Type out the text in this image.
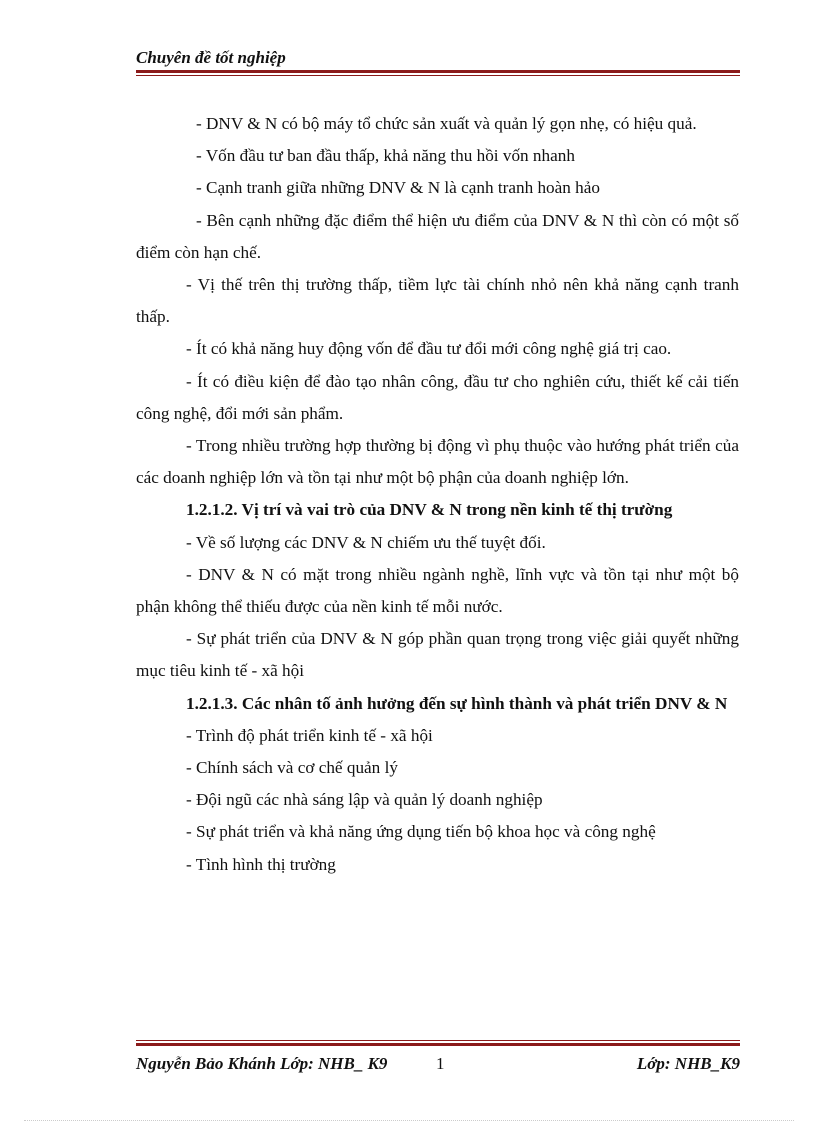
Chuyên đề tốt nghiệp

- DNV & N có bộ máy tổ chức sản xuất và quản lý gọn nhẹ, có hiệu quả.

- Vốn đầu tư ban đầu thấp, khả năng thu hồi vốn nhanh

- Cạnh tranh giữa những DNV & N là cạnh tranh hoàn hảo

- Bên cạnh những đặc điểm thể hiện ưu điểm của DNV & N thì còn có một số điểm còn hạn chế.

- Vị thế trên thị trường thấp, tiềm lực tài chính nhỏ nên khả năng cạnh tranh thấp.

- Ít có khả năng huy động vốn để đầu tư đổi mới công nghệ giá trị cao.

- Ít có điều kiện để đào tạo nhân công, đầu tư cho nghiên cứu, thiết kế cải tiến công nghệ, đổi mới sản phẩm.

- Trong nhiều trường hợp thường bị động vì phụ thuộc vào hướng phát triển của các doanh nghiệp lớn và tồn tại như một bộ phận của doanh nghiệp lớn.

1.2.1.2. Vị trí và vai trò của DNV & N trong nền kinh tế thị trường

- Về số lượng các DNV & N chiếm ưu thế tuyệt đối.

- DNV & N có mặt trong nhiều ngành nghề, lĩnh vực và tồn tại như một bộ phận không thể thiếu được của nền kinh tế mỗi nước.

- Sự phát triển của DNV & N góp phần quan trọng trong việc giải quyết những mục tiêu kinh tế - xã hội

1.2.1.3. Các nhân tố ảnh hưởng đến sự hình thành và phát triển DNV & N

- Trình độ phát triển kinh tế - xã hội

- Chính sách và cơ chế quản lý

- Đội ngũ các nhà sáng lập và quản lý doanh nghiệp

- Sự phát triển và khả năng ứng dụng tiến bộ khoa học và công nghệ

- Tình hình thị trường

Nguyễn Bảo Khánh Lớp: NHB_ K9	1	Lớp: NHB_K9
